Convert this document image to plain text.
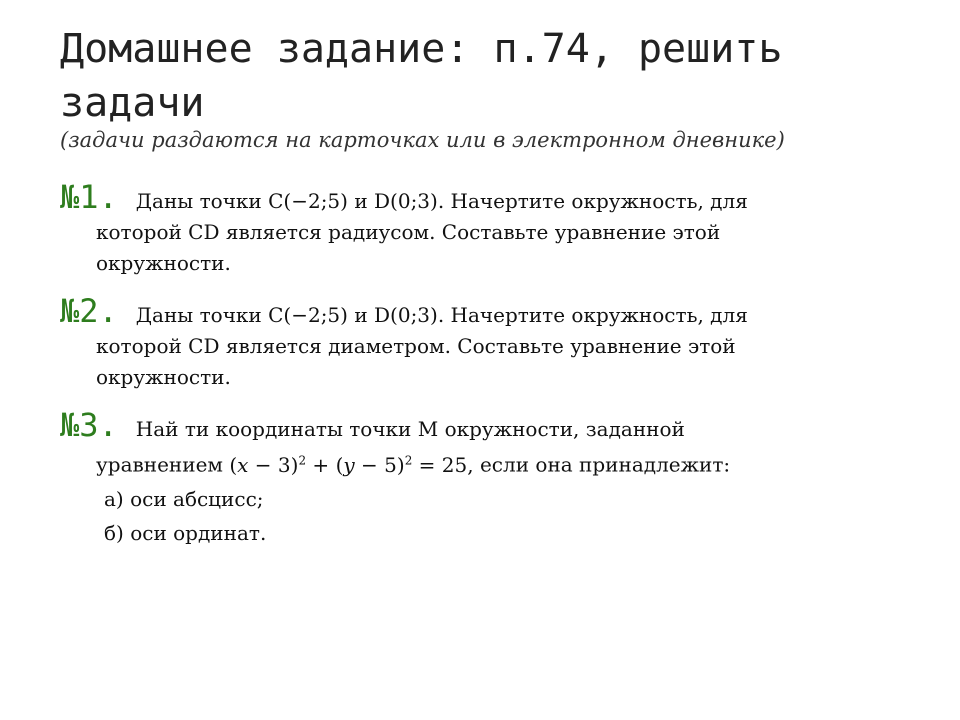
Домашнее задание: п.74, решить задачи
(задачи раздаются на карточках или в электронном дневнике)
№1. Даны точки C(−2;5) и D(0;3). Начертите окружность, для
которой CD является радиусом. Составьте уравнение этой
окружности.
№2. Даны точки C(−2;5) и D(0;3). Начертите окружность, для
которой CD является диаметром. Составьте уравнение этой
окружности.
№3. Най ти координаты точки M окружности, заданной
уравнением $(x - 3)^2 + (y - 5)^2 = 25$, если она принадлежит:
а) оси абсцисс;
б) оси ординат.
